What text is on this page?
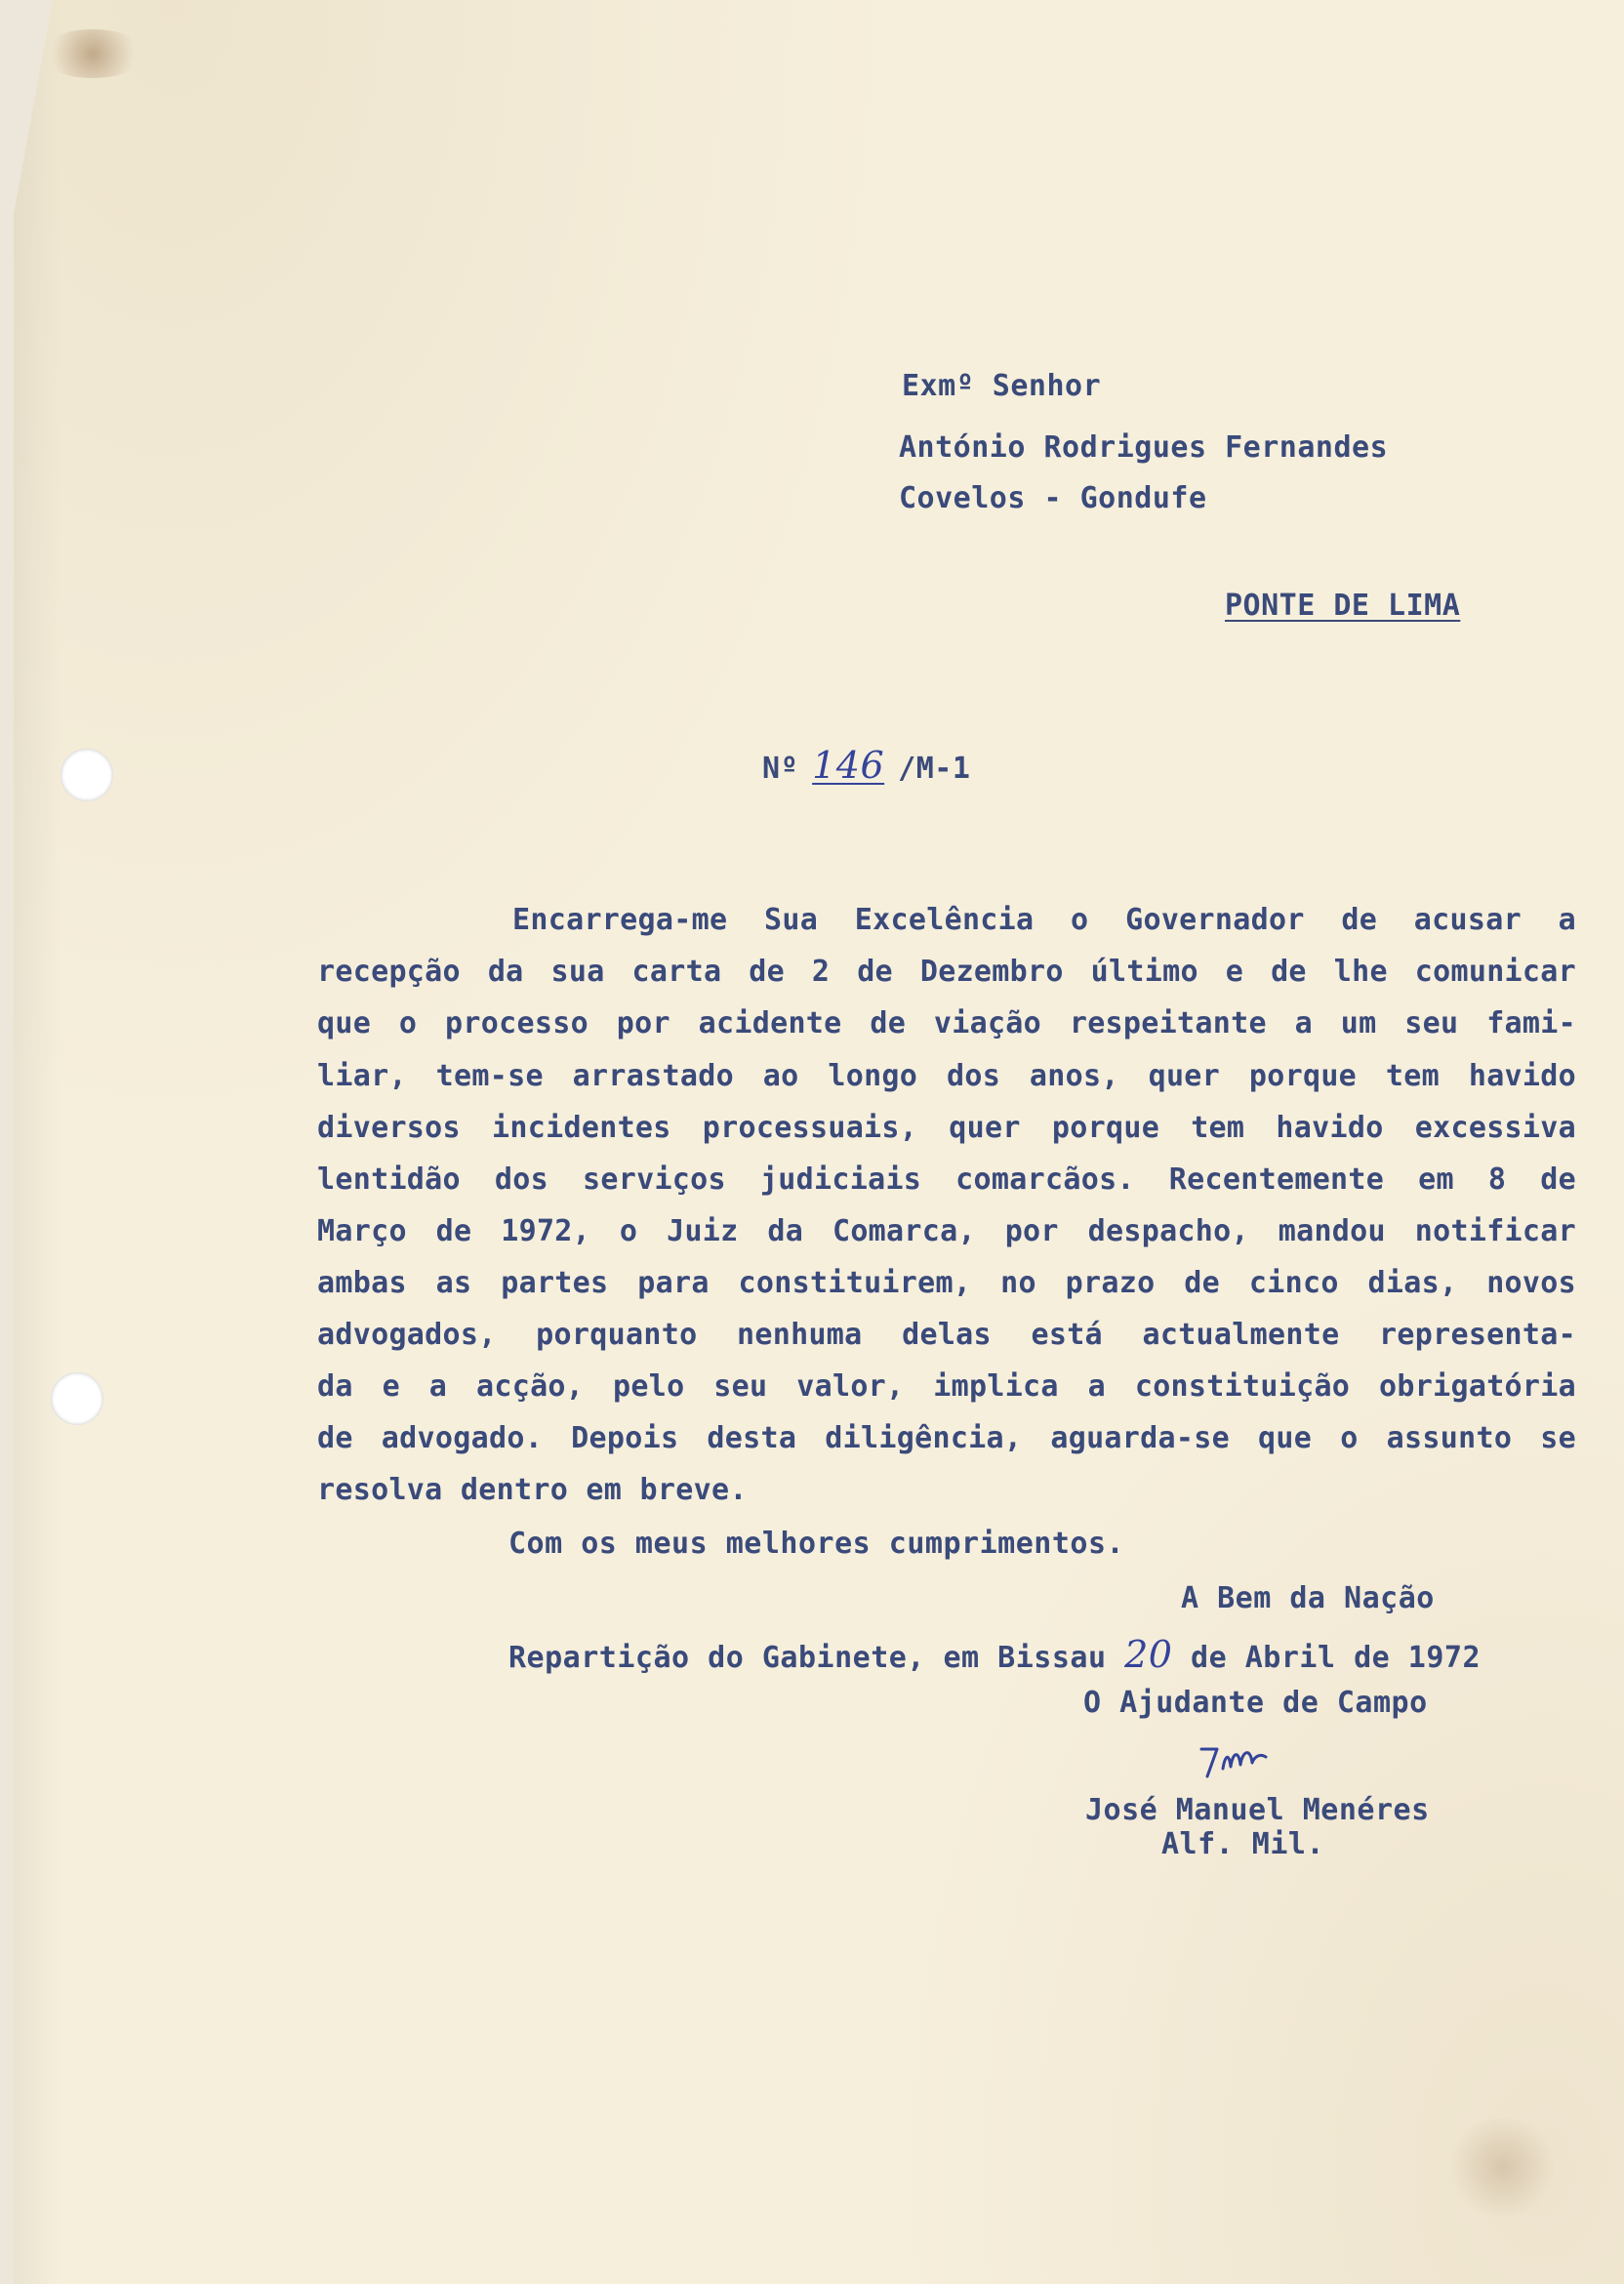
Exmº Senhor
António Rodrigues Fernandes
Covelos - Gondufe
PONTE DE LIMA
Nº 146 /M-1
Encarrega-me Sua Excelência o Governador de acusar a
recepção da sua carta de 2 de Dezembro último e de lhe comunicar
que o processo por acidente de viação respeitante a um seu fami-
liar, tem-se arrastado ao longo dos anos, quer porque tem havido
diversos incidentes processuais, quer porque tem havido excessiva
lentidão dos serviços judiciais comarcãos. Recentemente em 8 de
Março de 1972, o Juiz da Comarca, por despacho, mandou notificar
ambas as partes para constituirem, no prazo de cinco dias, novos
advogados, porquanto nenhuma delas está actualmente representa-
da e a acção, pelo seu valor, implica a constituição obrigatória
de advogado. Depois desta diligência, aguarda-se que o assunto se
resolva dentro em breve.
Com os meus melhores cumprimentos.
A Bem da Nação
Repartição do Gabinete, em Bissau 20 de Abril de 1972
O Ajudante de Campo
José Manuel Menéres
Alf. Mil.
